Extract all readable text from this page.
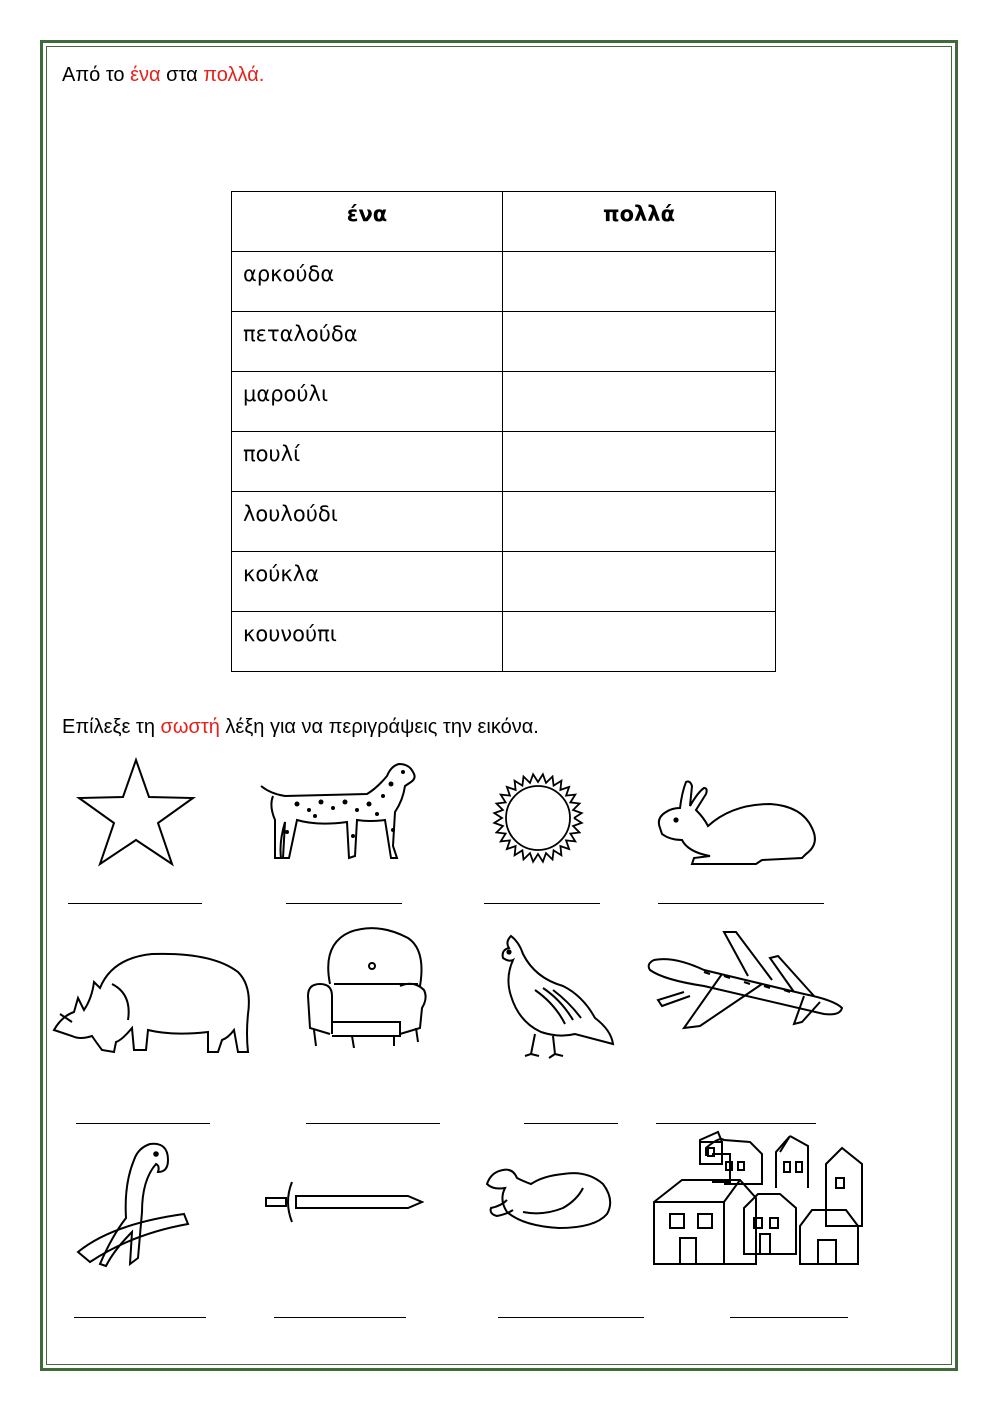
Από το ένα στα πολλά.
ένα	πολλά
αρκούδα	
πεταλούδα	
μαρούλι	
πουλί	
λουλούδι	
κούκλα	
κουνούπι	
Επίλεξε τη σωστή λέξη για να περιγράψεις την εικόνα.
